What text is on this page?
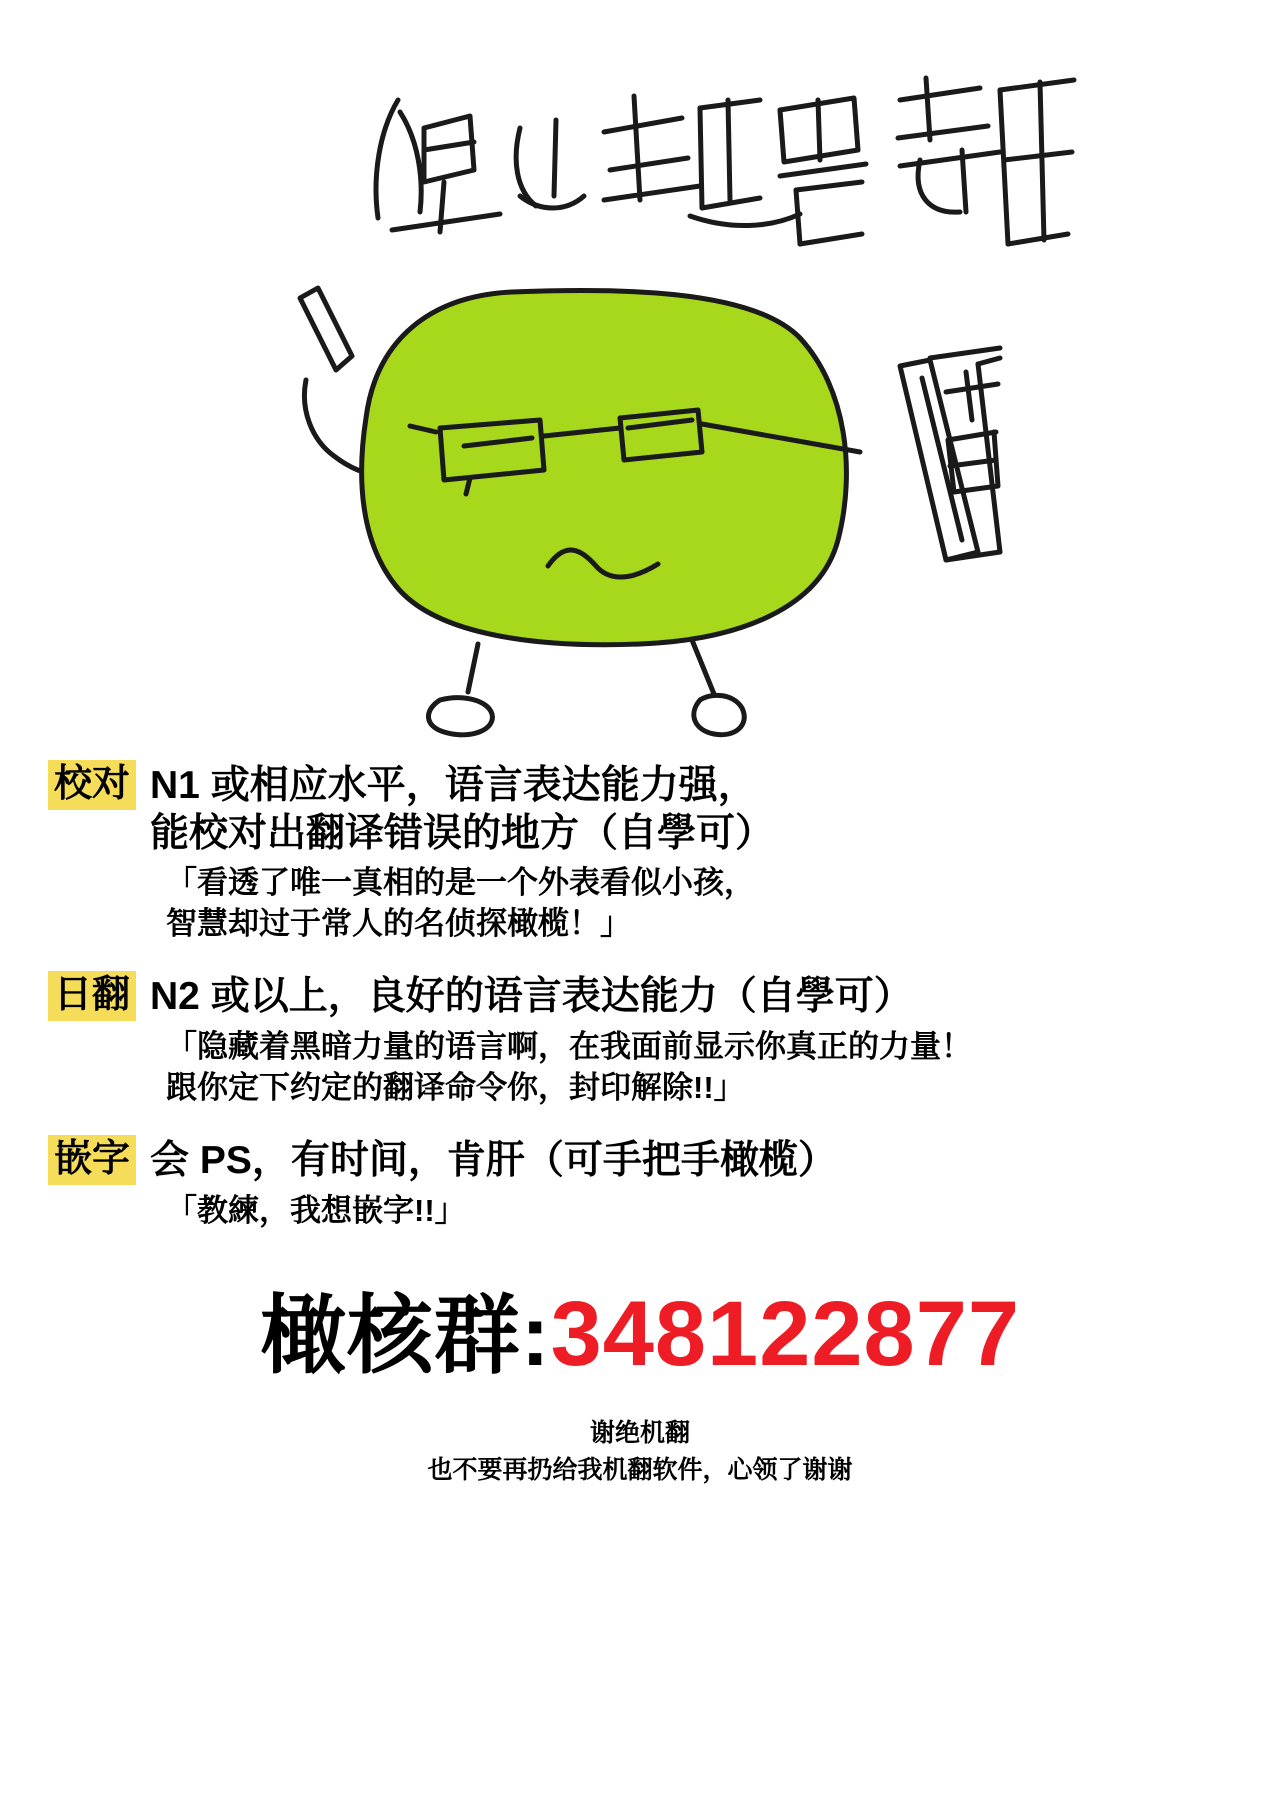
校对 N1 或相应水平，语言表达能力强，
能校对出翻译错误的地方（自學可）
「看透了唯一真相的是一个外表看似小孩，
智慧却过于常人的名侦探橄榄！」
日翻 N2 或以上，良好的语言表达能力（自學可）
「隐藏着黑暗力量的语言啊，在我面前显示你真正的力量！
跟你定下约定的翻译命令你，封印解除!!」
嵌字 会 PS，有时间，肯肝（可手把手橄榄）
「教練，我想嵌字!!」
橄核群:348122877
谢绝机翻
也不要再扔给我机翻软件，心领了谢谢
